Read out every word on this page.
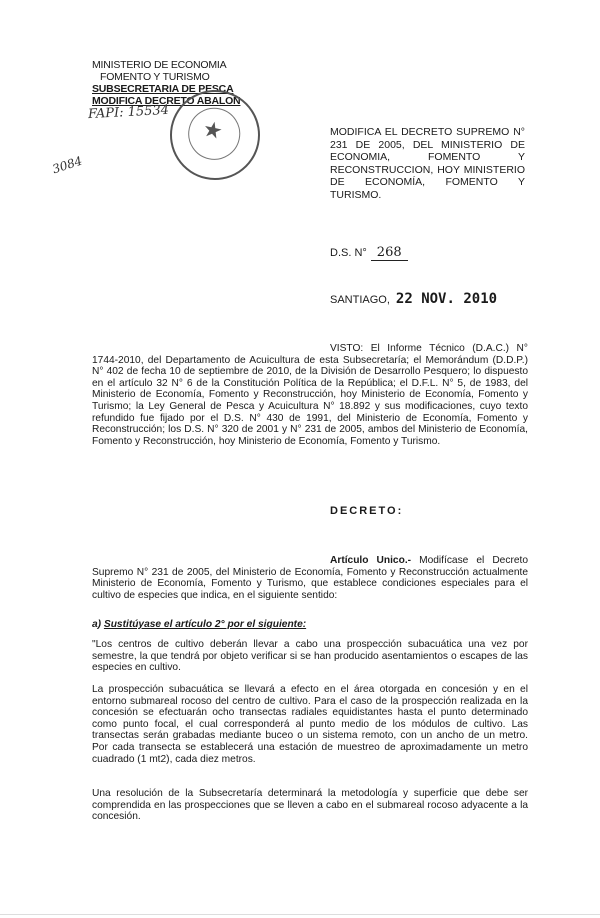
MINISTERIO DE ECONOMIA
FOMENTO Y TURISMO
SUBSECRETARIA DE PESCA
MODIFICA DECRETO ABALON
FAPI: 15534
3084
★	MODIFICA EL DECRETO SUPREMO N° 231 DE 2005, DEL MINISTERIO DE ECONOMIA, FOMENTO Y RECONSTRUCCION, HOY MINISTERIO DE ECONOMÍA, FOMENTO Y TURISMO.
D.S. N° 268
SANTIAGO, 22 NOV. 2010
VISTO: El Informe Técnico (D.A.C.) N° 1744-2010, del Departamento de Acuicultura de esta Subsecretaría; el Memorándum (D.D.P.) N° 402 de fecha 10 de septiembre de 2010, de la División de Desarrollo Pesquero; lo dispuesto en el artículo 32 N° 6 de la Constitución Política de la República; el D.F.L. N° 5, de 1983, del Ministerio de Economía, Fomento y Reconstrucción, hoy Ministerio de Economía, Fomento y Turismo; la Ley General de Pesca y Acuicultura N° 18.892 y sus modificaciones, cuyo texto refundido fue fijado por el D.S. N° 430 de 1991, del Ministerio de Economía, Fomento y Reconstrucción; los D.S. N° 320 de 2001 y N° 231 de 2005, ambos del Ministerio de Economía, Fomento y Reconstrucción, hoy Ministerio de Economía, Fomento y Turismo.
DECRETO:
Artículo Unico.- Modifícase el Decreto Supremo N° 231 de 2005, del Ministerio de Economía, Fomento y Reconstrucción actualmente Ministerio de Economía, Fomento y Turismo, que establece condiciones especiales para el cultivo de especies que indica, en el siguiente sentido:
a) Sustitúyase el artículo 2° por el siguiente:
"Los centros de cultivo deberán llevar a cabo una prospección subacuática una vez por semestre, la que tendrá por objeto verificar si se han producido asentamientos o escapes de las especies en cultivo.
La prospección subacuática se llevará a efecto en el área otorgada en concesión y en el entorno submareal rocoso del centro de cultivo. Para el caso de la prospección realizada en la concesión se efectuarán ocho transectas radiales equidistantes hasta el punto determinado como punto focal, el cual corresponderá al punto medio de los módulos de cultivo. Las transectas serán grabadas mediante buceo o un sistema remoto, con un ancho de un metro. Por cada transecta se establecerá una estación de muestreo de aproximadamente un metro cuadrado (1 mt2), cada diez metros.
Una resolución de la Subsecretaría determinará la metodología y superficie que debe ser comprendida en las prospecciones que se lleven a cabo en el submareal rocoso adyacente a la concesión.
